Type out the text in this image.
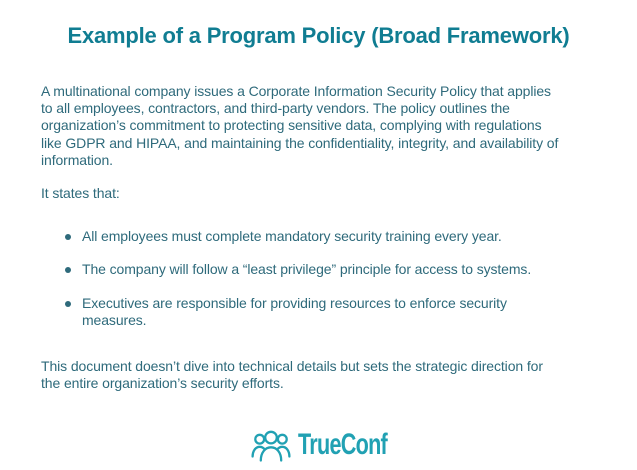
Example of a Program Policy (Broad Framework)
A multinational company issues a Corporate Information Security Policy that applies
to all employees, contractors, and third-party vendors. The policy outlines the
organization’s commitment to protecting sensitive data, complying with regulations
like GDPR and HIPAA, and maintaining the confidentiality, integrity, and availability of
information.
It states that:
All employees must complete mandatory security training every year.
The company will follow a “least privilege” principle for access to systems.
Executives are responsible for providing resources to enforce security
measures.
This document doesn’t dive into technical details but sets the strategic direction for
the entire organization’s security efforts.
TrueConf
